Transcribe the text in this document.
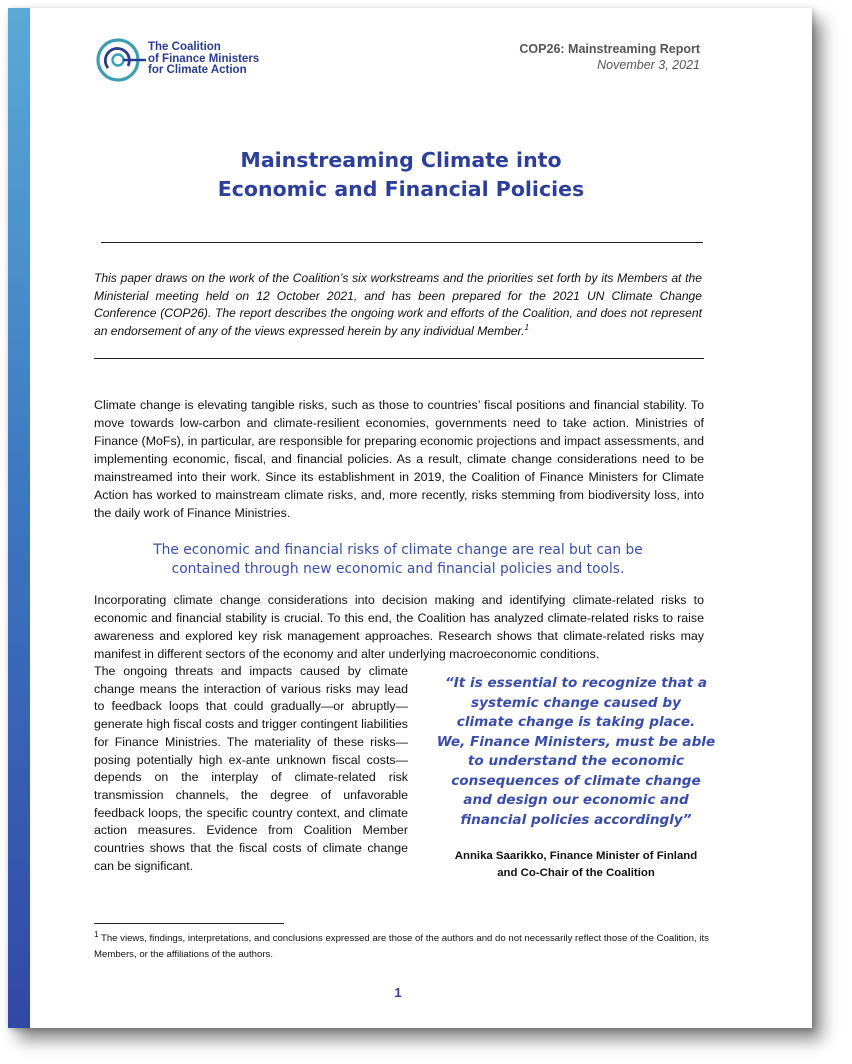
The Coalition
of Finance Ministers
for Climate Action
COP26: Mainstreaming Report
November 3, 2021
Mainstreaming Climate into
Economic and Financial Policies

This paper draws on the work of the Coalition’s six workstreams and the priorities set forth by its Members at the Ministerial meeting held on 12 October 2021, and has been prepared for the 2021 UN Climate Change Conference (COP26). The report describes the ongoing work and efforts of the Coalition, and does not represent an endorsement of any of the views expressed herein by any individual Member.$^1$

Climate change is elevating tangible risks, such as those to countries’ fiscal positions and financial stability. To move towards low-carbon and climate-resilient economies, governments need to take action. Ministries of Finance (MoFs), in particular, are responsible for preparing economic projections and impact assessments, and implementing economic, fiscal, and financial policies. As a result, climate change considerations need to be mainstreamed into their work. Since its establishment in 2019, the Coalition of Finance Ministers for Climate Action has worked to mainstream climate risks, and, more recently, risks stemming from biodiversity loss, into the daily work of Finance Ministries.

The economic and financial risks of climate change are real but can be
contained through new economic and financial policies and tools.

Incorporating climate change considerations into decision making and identifying climate-related risks to economic and financial stability is crucial. To this end, the Coalition has analyzed climate-related risks to raise awareness and explored key risk management approaches. Research shows that climate-related risks may manifest in different sectors of the economy and alter underlying macroeconomic conditions.

The ongoing threats and impacts caused by climate change means the interaction of various risks may lead to feedback loops that could gradually—or abruptly—generate high fiscal costs and trigger contingent liabilities for Finance Ministries. The materiality of these risks—posing potentially high ex-ante unknown fiscal costs—depends on the interplay of climate-related risk transmission channels, the degree of unfavorable feedback loops, the specific country context, and climate action measures. Evidence from Coalition Member countries shows that the fiscal costs of climate change can be significant.

“It is essential to recognize that a
systemic change caused by
climate change is taking place.
We, Finance Ministers, must be able
to understand the economic
consequences of climate change
and design our economic and
financial policies accordingly”
Annika Saarikko, Finance Minister of Finland
and Co-Chair of the Coalition

$^1$ The views, findings, interpretations, and conclusions expressed are those of the authors and do not necessarily reflect those of the Coalition, its Members, or the affiliations of the authors.

1
